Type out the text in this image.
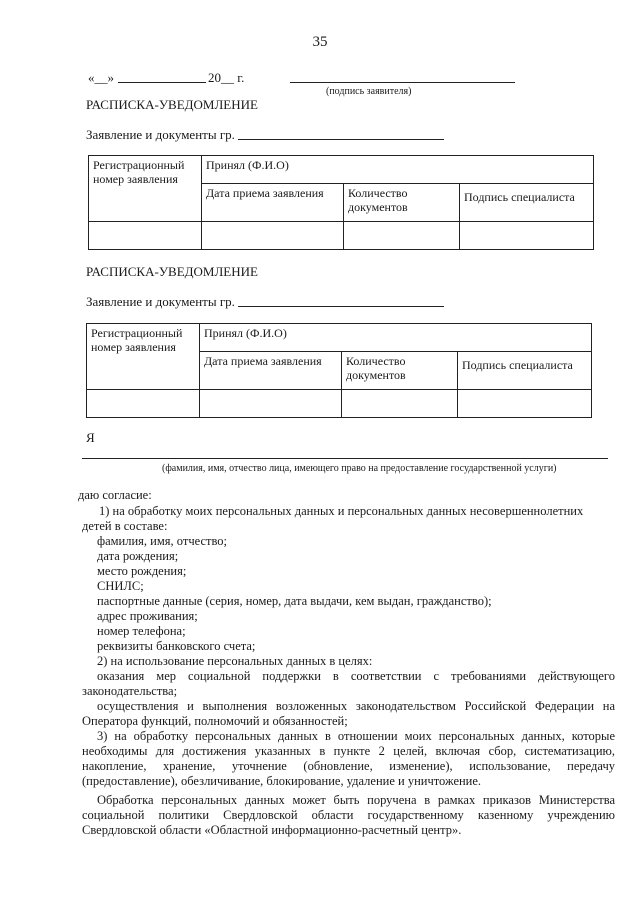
35
«__»	20__ г.
(подпись заявителя)
РАСПИСКА-УВЕДОМЛЕНИЕ
Заявление и документы гр.
Регистрационный номер заявления	Принял (Ф.И.О)		
	Дата приема заявления	Количество документов	Подпись специалиста

РАСПИСКА-УВЕДОМЛЕНИЕ
Заявление и документы гр.
Регистрационный номер заявления	Принял (Ф.И.О)		
	Дата приема заявления	Количество документов	Подпись специалиста

Я
(фамилия, имя, отчество лица, имеющего право на предоставление государственной услуги)
даю согласие:
1) на обработку моих персональных данных и персональных данных несовершеннолетних
детей в составе:
фамилия, имя, отчество;
дата рождения;
место рождения;
СНИЛС;
паспортные данные (серия, номер, дата выдачи, кем выдан, гражданство);
адрес проживания;
номер телефона;
реквизиты банковского счета;
2) на использование персональных данных в целях:
оказания мер социальной поддержки в соответствии с требованиями действующего
законодательства;
осуществления и выполнения возложенных законодательством Российской Федерации на
Оператора функций, полномочий и обязанностей;
3) на обработку персональных данных в отношении моих персональных данных, которые
необходимы для достижения указанных в пункте 2 целей, включая сбор, систематизацию,
накопление, хранение, уточнение (обновление, изменение), использование, передачу
(предоставление), обезличивание, блокирование, удаление и уничтожение.
Обработка персональных данных может быть поручена в рамках приказов Министерства
социальной политики Свердловской области государственному казенному учреждению
Свердловской области «Областной информационно-расчетный центр».
